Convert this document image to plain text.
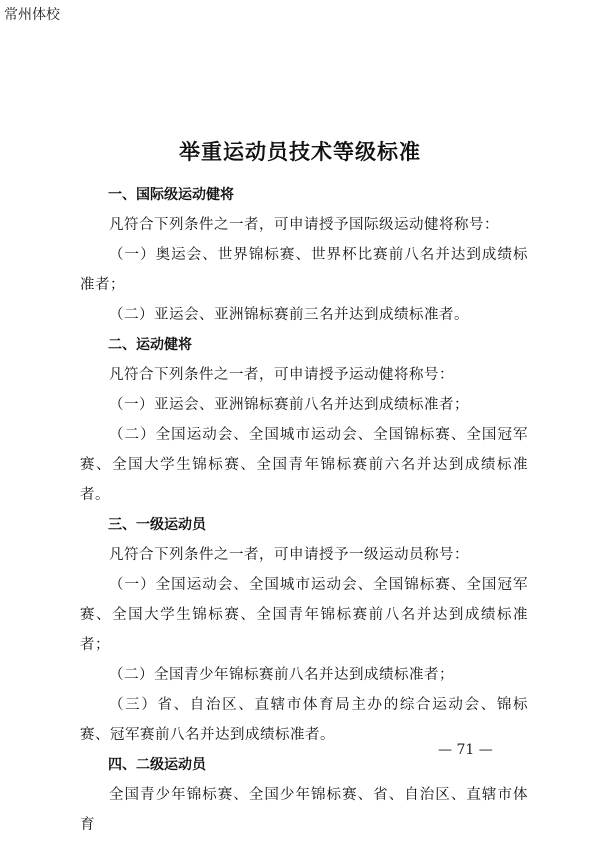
常州体校
举重运动员技术等级标准

一、国际级运动健将

凡符合下列条件之一者，可申请授予国际级运动健将称号：

（一）奥运会、世界锦标赛、世界杯比赛前八名并达到成绩标准者；

（二）亚运会、亚洲锦标赛前三名并达到成绩标准者。

二、运动健将

凡符合下列条件之一者，可申请授予运动健将称号：

（一）亚运会、亚洲锦标赛前八名并达到成绩标准者；

（二）全国运动会、全国城市运动会、全国锦标赛、全国冠军赛、全国大学生锦标赛、全国青年锦标赛前六名并达到成绩标准者。

三、一级运动员

凡符合下列条件之一者，可申请授予一级运动员称号：

（一）全国运动会、全国城市运动会、全国锦标赛、全国冠军赛、全国大学生锦标赛、全国青年锦标赛前八名并达到成绩标准者；

（二）全国青少年锦标赛前八名并达到成绩标准者；

（三）省、自治区、直辖市体育局主办的综合运动会、锦标赛、冠军赛前八名并达到成绩标准者。

四、二级运动员

全国青少年锦标赛、全国少年锦标赛、省、自治区、直辖市体育

— 71 —
